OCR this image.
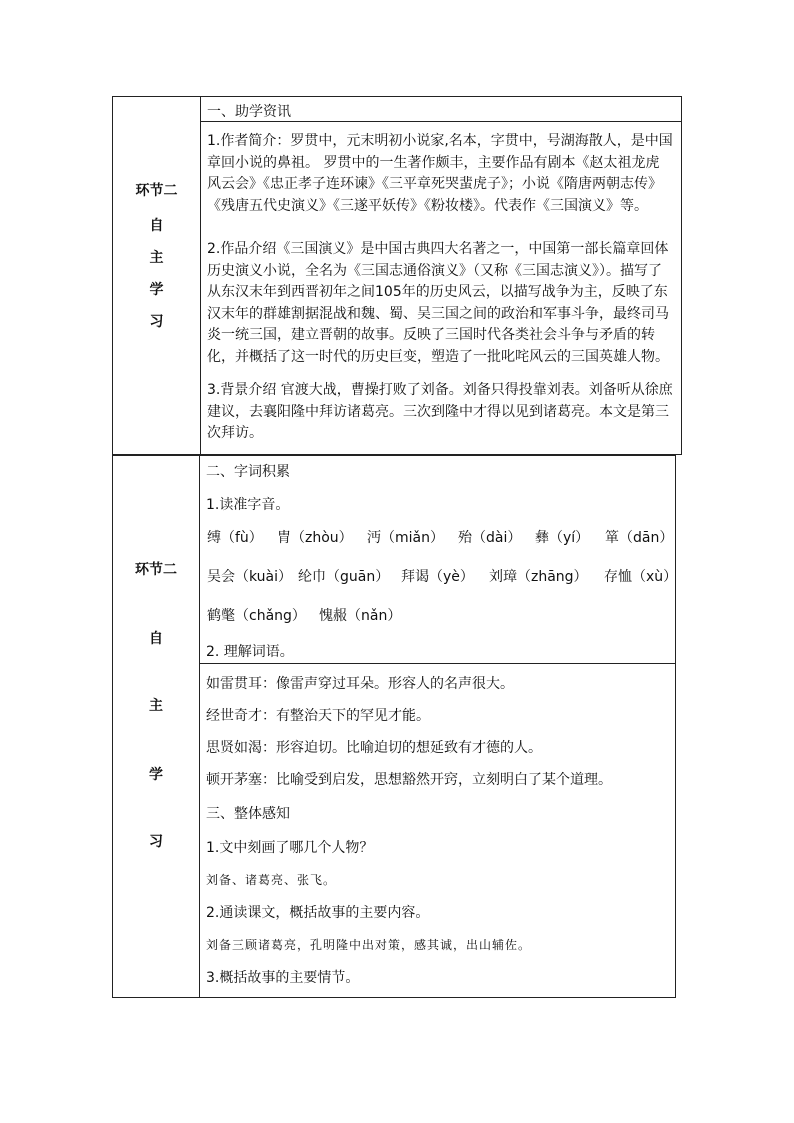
环节二
自
主
学
习
一、助学资讯
1.作者简介：罗贯中，元末明初小说家,名本，字贯中，号湖海散人，是中国章回小说的鼻祖。 罗贯中的一生著作颇丰，主要作品有剧本《赵太祖龙虎风云会》《忠正孝子连环谏》《三平章死哭蜚虎子》；小说《隋唐两朝志传》《残唐五代史演义》《三遂平妖传》《粉妆楼》。代表作《三国演义》等。
2.作品介绍《三国演义》是中国古典四大名著之一，中国第一部长篇章回体历史演义小说，全名为《三国志通俗演义》（又称《三国志演义》）。描写了从东汉末年到西晋初年之间105年的历史风云，以描写战争为主，反映了东汉末年的群雄割据混战和魏、蜀、吴三国之间的政治和军事斗争，最终司马炎一统三国，建立晋朝的故事。反映了三国时代各类社会斗争与矛盾的转化，并概括了这一时代的历史巨变，塑造了一批叱咤风云的三国英雄人物。
3.背景介绍 官渡大战，曹操打败了刘备。刘备只得投靠刘表。刘备听从徐庶建议，去襄阳隆中拜访诸葛亮。三次到隆中才得以见到诸葛亮。本文是第三次拜访。
环节二
自
主
学
习
二、字词积累
1.读准字音。
缚（fù） 胄（zhòu） 沔（miǎn） 殆（dài） 彝（yí） 箪（dān）
吴会（kuài） 纶巾（guān） 拜谒（yè） 刘璋（zhāng） 存恤（xù）
鹤氅（chǎng） 愧赧（nǎn）
2. 理解词语。
如雷贯耳：像雷声穿过耳朵。形容人的名声很大。
经世奇才：有整治天下的罕见才能。
思贤如渴：形容迫切。比喻迫切的想延致有才德的人。
顿开茅塞：比喻受到启发，思想豁然开窍，立刻明白了某个道理。
三、整体感知
1.文中刻画了哪几个人物？
刘备、诸葛亮、张飞。
2.通读课文，概括故事的主要内容。
刘备三顾诸葛亮，孔明隆中出对策，感其诚，出山辅佐。
3.概括故事的主要情节。
